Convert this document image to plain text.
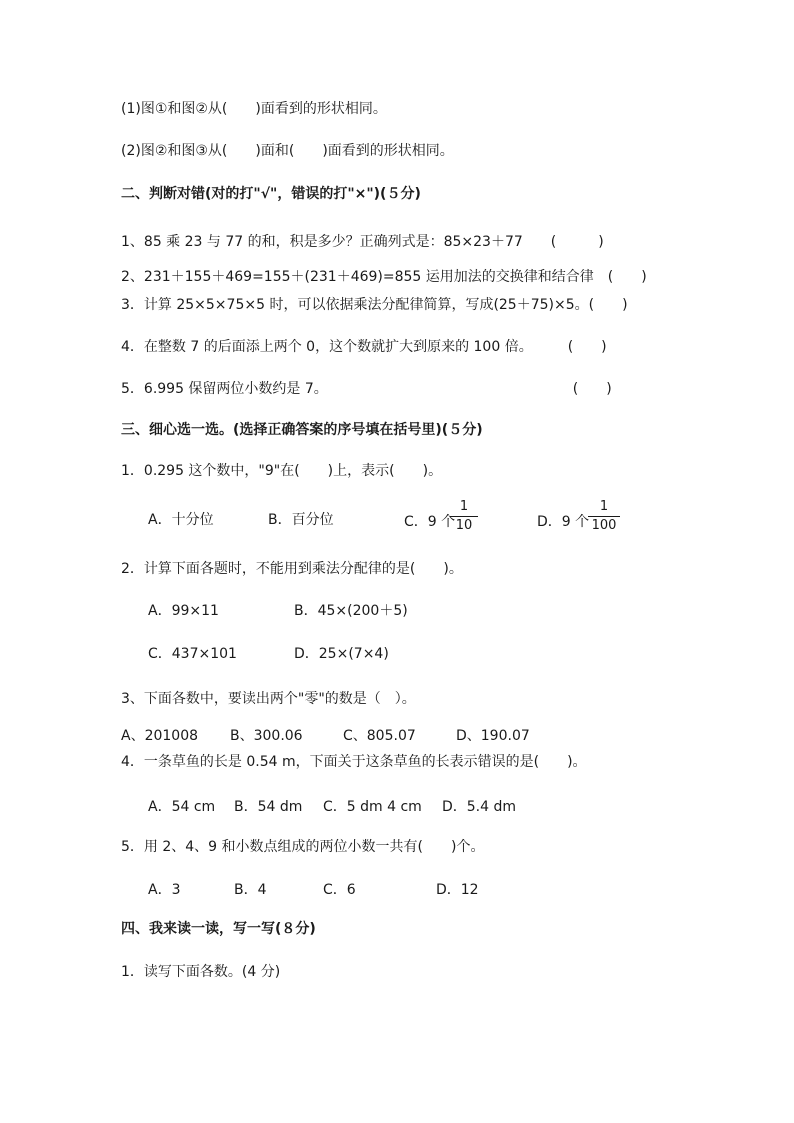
(1)图①和图②从(　　)面看到的形状相同。
(2)图②和图③从(　　)面和(　　)面看到的形状相同。
二、判断对错(对的打"√"，错误的打"×")(５分)
1、85 乘 23 与 77 的和，积是多少？正确列式是：85×23＋77　　(　　　)
2、231＋155＋469=155＋(231＋469)=855 运用加法的交换律和结合律　(　　)
3．计算 25×5×75×5 时，可以依据乘法分配律简算，写成(25＋75)×5。(　　)
4．在整数 7 的后面添上两个 0，这个数就扩大到原来的 100 倍。　　　(　　)
5．6.995 保留两位小数约是 7。　　　　　　　　　　　　　　　　　　(　　)
三、细心选一选。(选择正确答案的序号填在括号里)(５分)
1．0.295 这个数中，"9"在(　　)上，表示(　　)。
A．十分位	B．百分位	C．9 个
1
10	D．9 个
1
100
2．计算下面各题时，不能用到乘法分配律的是(　　)。
A．99×11	B．45×(200＋5)
C．437×101	D．25×(7×4)
3、下面各数中，要读出两个"零"的数是（　）。
A、201008 B、300.06	C、805.07	D、190.07
4．一条草鱼的长是 0.54 m，下面关于这条草鱼的长表示错误的是(　　)。
A．54 cm B．54 dm C．5 dm 4 cm D．5.4 dm
5．用 2、4、9 和小数点组成的两位小数一共有(　　)个。
A．3	B．4	C．6	D．12
四、我来读一读，写一写(８分)
1．读写下面各数。(4 分)
